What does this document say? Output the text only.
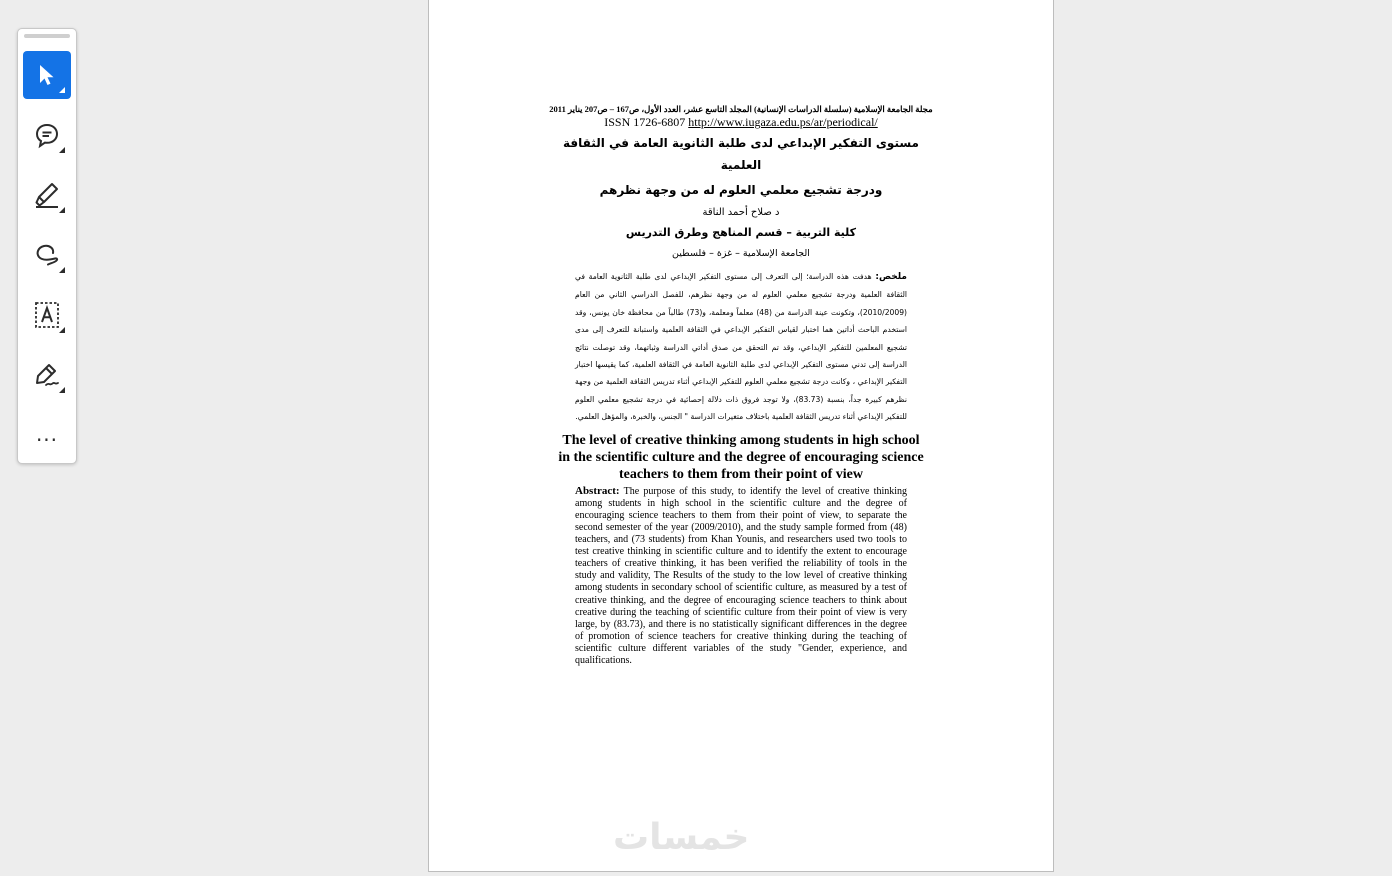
...
مجلة الجامعة الإسلامية (سلسلة الدراسات الإنسانية) المجلد التاسع عشر، العدد الأول، ص167 – ص207 يناير 2011
ISSN 1726-6807 http://www.iugaza.edu.ps/ar/periodical/
مستوى التفكير الإبداعي لدى طلبة الثانوية العامة في الثقافة العلمية
ودرجة تشجيع معلمي العلوم له من وجهة نظرهم
د صلاح أحمد الناقة
كلية التربية – قسم المناهج وطرق التدريس
الجامعة الإسلامية – غزة – فلسطين
ملخص: هدفت هذه الدراسة؛ إلى التعرف إلى مستوى التفكير الإبداعي لدى طلبة الثانوية العامة في الثقافة العلمية ودرجة تشجيع معلمي العلوم له من وجهة نظرهم، للفصل الدراسي الثاني من العام (2010/2009)، وتكونت عينة الدراسة من (48) معلماً ومعلمة، و(73) طالباً من محافظة خان يونس، وقد استخدم الباحث أداتين هما اختبار لقياس التفكير الإبداعي في الثقافة العلمية واستبانة للتعرف إلى مدى تشجيع المعلمين للتفكير الإبداعي، وقد تم التحقق من صدق أداتي الدراسة وثباتهما، وقد توصلت نتائج الدراسة إلى تدني مستوى التفكير الإبداعي لدى طلبة الثانوية العامة في الثقافة العلمية، كما يقيسها اختبار التفكير الإبداعي ، وكانت درجة تشجيع معلمي العلوم للتفكير الإبداعي أثناء تدريس الثقافة العلمية من وجهة نظرهم كبيرة جداً، بنسبة (83.73)، ولا توجد فروق ذات دلالة إحصائية في درجة تشجيع معلمي العلوم للتفكير الإبداعي أثناء تدريس الثقافة العلمية باختلاف متغيرات الدراسة " الجنس، والخبرة، والمؤهل العلمي.
The level of creative thinking among students in high school
in the scientific culture and the degree of encouraging science
teachers to them from their point of view
Abstract: The purpose of this study, to identify the level of creative thinking among students in high school in the scientific culture and the degree of encouraging science teachers to them from their point of view, to separate the second semester of the year (2009/2010), and the study sample formed from (48) teachers, and (73 students) from Khan Younis, and researchers used two tools to test creative thinking in scientific culture and to identify the extent to encourage teachers of creative thinking, it has been verified the reliability of tools in the study and validity, The Results of the study to the low level of creative thinking among students in secondary school of scientific culture, as measured by a test of creative thinking, and the degree of encouraging science teachers to think about creative during the teaching of scientific culture from their point of view is very large, by (83.73), and there is no statistically significant differences in the degree of promotion of science teachers for creative thinking during the teaching of scientific culture different variables of the study "Gender, experience, and qualifications.
خمسات
